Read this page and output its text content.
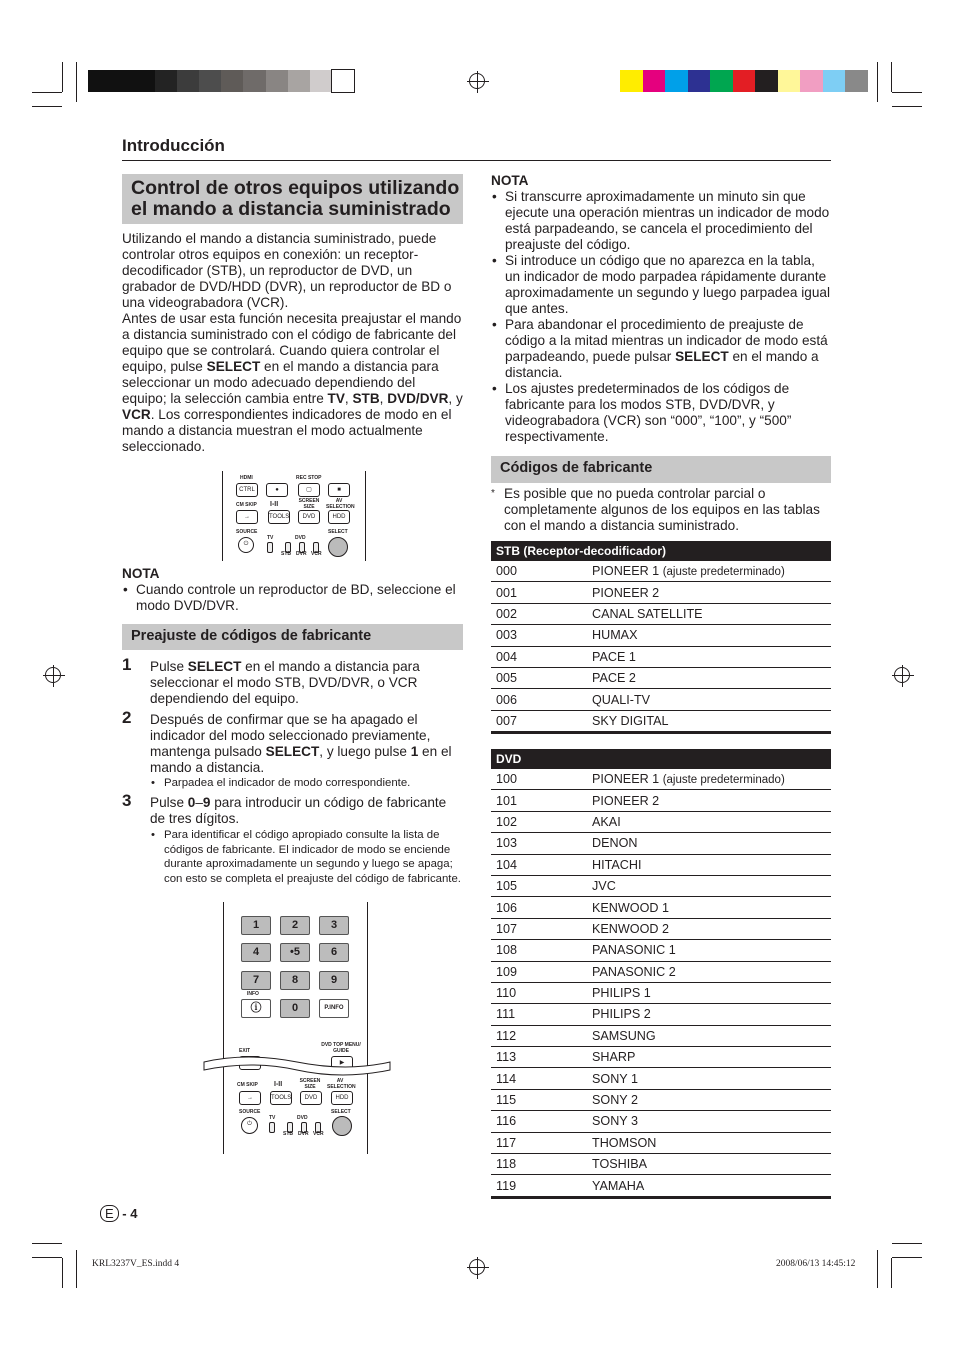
Introducción
Control de otros equipos utilizando el mando a distancia suministrado
Utilizando el mando a distancia suministrado, puede controlar otros equipos en conexión: un receptor-decodificador (STB), un reproductor de DVD, un grabador de DVD/HDD (DVR), un reproductor de BD o una videograbadora (VCR).
Antes de usar esta función necesita preajustar el mando a distancia suministrado con el código de fabricante del equipo que se controlará. Cuando quiera controlar el equipo, pulse SELECT en el mando a distancia para seleccionar un modo adecuado dependiendo del equipo; la selección cambia entre TV, STB, DVD/DVR, y VCR. Los correspondientes indicadores de modo en el mando a distancia muestran el modo actualmente seleccionado.
HDMI
CTRL
REC STOP
●	▢	■
CM SKIP
→
I-II
TOOLS
SCREEN SIZE
DVD
AV SELECTION
HDD
SOURCE
⏻
TV	DVD
STB DVR VCR
SELECT
NOTA
• Cuando controle un reproductor de BD, seleccione el modo DVD/DVR.
Preajuste de códigos de fabricante
1 Pulse SELECT en el mando a distancia para seleccionar el modo STB, DVD/DVR, o VCR dependiendo del equipo.
2 Después de confirmar que se ha apagado el indicador del modo seleccionado previamente, mantenga pulsado SELECT, y luego pulse 1 en el mando a distancia.
• Parpadea el indicador de modo correspondiente.
3 Pulse 0–9 para introducir un código de fabricante de tres dígitos.
• Para identificar el código apropiado consulte la lista de códigos de fabricante. El indicador de modo se enciende durante aproximadamente un segundo y luego se apaga; con esto se completa el preajuste del código de fabricante.
1	2	3
4	•5	6
7	8	9
INFO
ⓘ	0	P.INFO
EXIT
DVD TOP MENU/ GUIDE
▶
CM SKIP
→
I-II
TOOLS
SCREEN SIZE
DVD
AV SELECTION
HDD
SOURCE
⏻
TV	DVD
STB DVR VCR
SELECT
NOTA
• Si transcurre aproximadamente un minuto sin que ejecute una operación mientras un indicador de modo está parpadeando, se cancela el procedimiento del preajuste del código.
• Si introduce un código que no aparezca en la tabla, un indicador de modo parpadea rápidamente durante aproximadamente un segundo y luego parpadea igual que antes.
• Para abandonar el procedimiento de preajuste de código a la mitad mientras un indicador de modo está parpadeando, puede pulsar SELECT en el mando a distancia.
• Los ajustes predeterminados de los códigos de fabricante para los modos STB, DVD/DVR, y videograbadora (VCR) son “000”, “100”, y “500” respectivamente.
Códigos de fabricante
* Es posible que no pueda controlar parcial o completamente algunos de los equipos en las tablas con el mando a distancia suministrado.
STB (Receptor-decodificador)	
000	PIONEER 1 (ajuste predeterminado)
001	PIONEER 2
002	CANAL SATELLITE
003	HUMAX
004	PACE 1
005	PACE 2
006	QUALI-TV
007	SKY DIGITAL
DVD	
100	PIONEER 1 (ajuste predeterminado)
101	PIONEER 2
102	AKAI
103	DENON
104	HITACHI
105	JVC
106	KENWOOD 1
107	KENWOOD 2
108	PANASONIC 1
109	PANASONIC 2
110	PHILIPS 1
111	PHILIPS 2
112	SAMSUNG
113	SHARP
114	SONY 1
115	SONY 2
116	SONY 3
117	THOMSON
118	TOSHIBA
119	YAMAHA
E - 4
KRL3237V_ES.indd 4	2008/06/13 14:45:12
